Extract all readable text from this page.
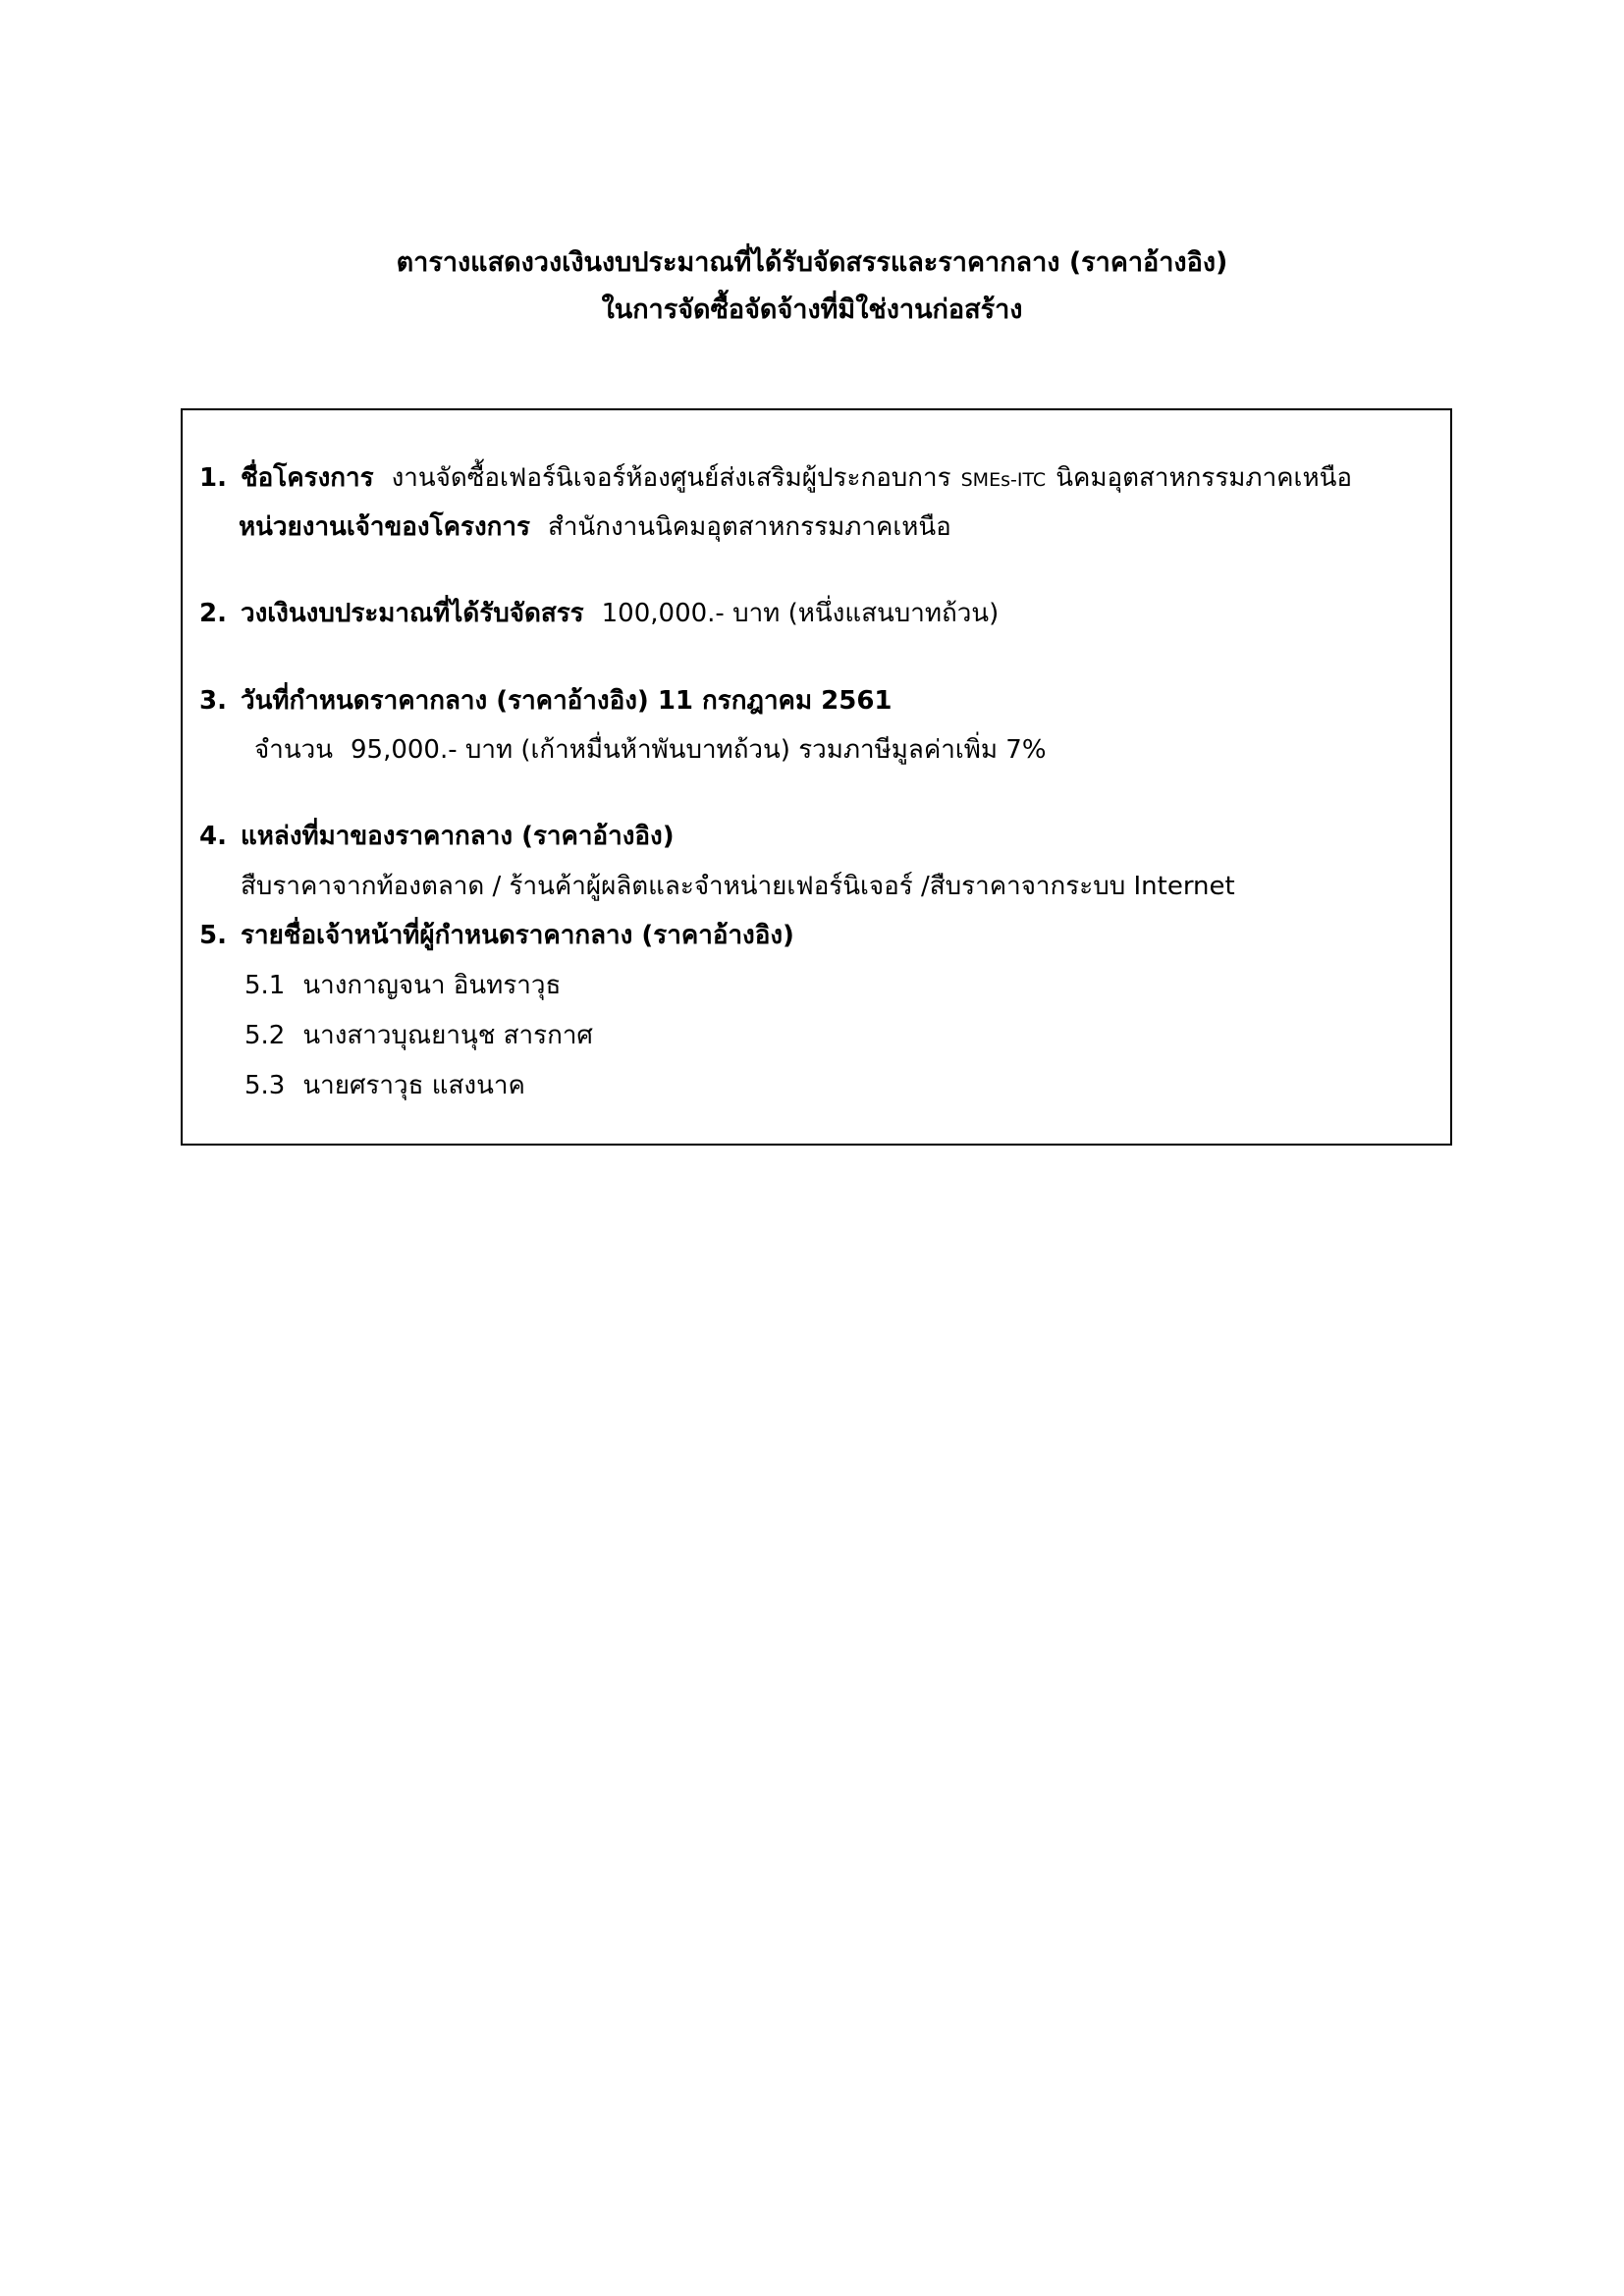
ตารางแสดงวงเงินงบประมาณที่ได้รับจัดสรรและราคากลาง (ราคาอ้างอิง)
ในการจัดซื้อจัดจ้างที่มิใช่งานก่อสร้าง
1. ชื่อโครงการ งานจัดซื้อเฟอร์นิเจอร์ห้องศูนย์ส่งเสริมผู้ประกอบการ SMEs-ITC นิคมอุตสาหกรรมภาคเหนือ
หน่วยงานเจ้าของโครงการ สำนักงานนิคมอุตสาหกรรมภาคเหนือ
2. วงเงินงบประมาณที่ได้รับจัดสรร 100,000.- บาท (หนึ่งแสนบาทถ้วน)
3. วันที่กำหนดราคากลาง (ราคาอ้างอิง) 11 กรกฎาคม 2561
จำนวน 95,000.- บาท (เก้าหมื่นห้าพันบาทถ้วน) รวมภาษีมูลค่าเพิ่ม 7%
4. แหล่งที่มาของราคากลาง (ราคาอ้างอิง)
สืบราคาจากท้องตลาด / ร้านค้าผู้ผลิตและจำหน่ายเฟอร์นิเจอร์ /สืบราคาจากระบบ Internet
5. รายชื่อเจ้าหน้าที่ผู้กำหนดราคากลาง (ราคาอ้างอิง)
5.1 นางกาญจนา อินทราวุธ
5.2 นางสาวบุณยานุช สารกาศ
5.3 นายศราวุธ แสงนาค
